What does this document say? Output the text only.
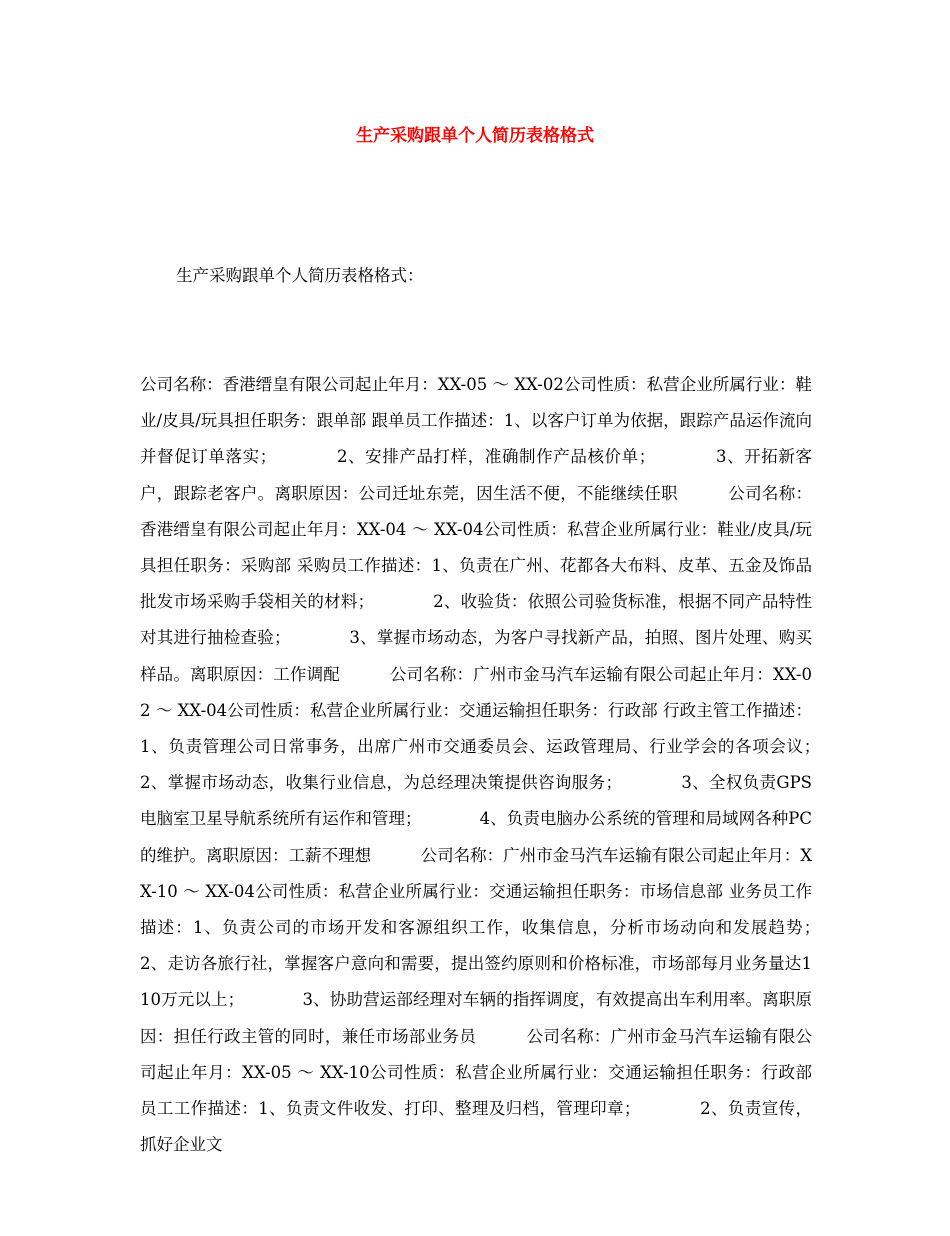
生产采购跟单个人简历表格格式

生产采购跟单个人简历表格格式：

公司名称：香港缙皇有限公司起止年月：XX-05 ～ XX-02公司性质：私营企业所属行业：鞋业/皮具/玩具担任职务：跟单部 跟单员工作描述：1、以客户订单为依据，跟踪产品运作流向并督促订单落实；　　　　2、安排产品打样，准确制作产品核价单；　　　　3、开拓新客户，跟踪老客户。离职原因：公司迁址东莞，因生活不便，不能继续任职　　　公司名称：香港缙皇有限公司起止年月：XX-04 ～ XX-04公司性质：私营企业所属行业：鞋业/皮具/玩具担任职务：采购部 采购员工作描述：1、负责在广州、花都各大布料、皮革、五金及饰品批发市场采购手袋相关的材料；　　　　2、收验货：依照公司验货标准，根据不同产品特性对其进行抽检查验；　　　　3、掌握市场动态，为客户寻找新产品，拍照、图片处理、购买样品。离职原因：工作调配　　　公司名称：广州市金马汽车运输有限公司起止年月：XX-02 ～ XX-04公司性质：私营企业所属行业：交通运输担任职务：行政部 行政主管工作描述：1、负责管理公司日常事务，出席广州市交通委员会、运政管理局、行业学会的各项会议；　　　　2、掌握市场动态，收集行业信息，为总经理决策提供咨询服务；　　　　3、全权负责GPS电脑室卫星导航系统所有运作和管理；　　　　4、负责电脑办公系统的管理和局域网各种PC的维护。离职原因：工薪不理想　　　公司名称：广州市金马汽车运输有限公司起止年月：XX-10 ～ XX-04公司性质：私营企业所属行业：交通运输担任职务：市场信息部 业务员工作描述：1、负责公司的市场开发和客源组织工作，收集信息，分析市场动向和发展趋势；　　　　2、走访各旅行社，掌握客户意向和需要，提出签约原则和价格标准，市场部每月业务量达110万元以上；　　　　3、协助营运部经理对车辆的指挥调度，有效提高出车利用率。离职原因：担任行政主管的同时，兼任市场部业务员　　　公司名称：广州市金马汽车运输有限公司起止年月：XX-05 ～ XX-10公司性质：私营企业所属行业：交通运输担任职务：行政部 员工工作描述：1、负责文件收发、打印、整理及归档，管理印章；　　　　2、负责宣传，抓好企业文
